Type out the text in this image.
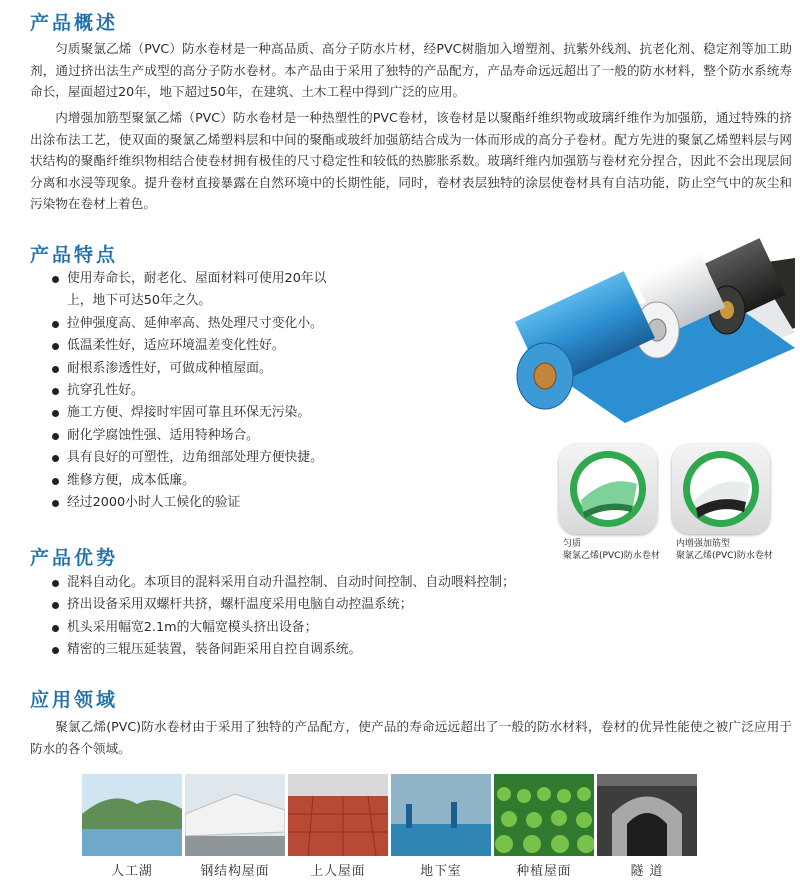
产品概述

匀质聚氯乙烯（PVC）防水卷材是一种高品质、高分子防水片材，经PVC树脂加入增塑剂、抗紫外线剂、抗老化剂、稳定剂等加工助剂，通过挤出法生产成型的高分子防水卷材。本产品由于采用了独特的产品配方，产品寿命远远超出了一般的防水材料，整个防水系统寿命长，屋面超过20年，地下超过50年，在建筑、土木工程中得到广泛的应用。

内增强加筋型聚氯乙烯（PVC）防水卷材是一种热塑性的PVC卷材，该卷材是以聚酯纤维织物或玻璃纤维作为加强筋，通过特殊的挤出涂布法工艺，使双面的聚氯乙烯塑料层和中间的聚酯或玻纤加强筋结合成为一体而形成的高分子卷材。配方先进的聚氯乙烯塑料层与网状结构的聚酯纤维织物相结合使卷材拥有极佳的尺寸稳定性和较低的热膨胀系数。玻璃纤维内加强筋与卷材充分捏合，因此不会出现层间分离和水浸等现象。提升卷材直接暴露在自然环境中的长期性能，同时，卷材表层独特的涂层使卷材具有自洁功能，防止空气中的灰尘和污染物在卷材上着色。

产品特点
使用寿命长，耐老化、屋面材料可使用20年以上，地下可达50年之久。
拉伸强度高、延伸率高、热处理尺寸变化小。
低温柔性好，适应环境温差变化性好。
耐根系渗透性好，可做成种植屋面。
抗穿孔性好。
施工方便、焊接时牢固可靠且环保无污染。
耐化学腐蚀性强、适用特种场合。
具有良好的可塑性，边角细部处理方便快捷。
维修方便，成本低廉。
经过2000小时人工候化的验证
匀质
聚氯乙烯(PVC)防水卷材
内增强加筋型
聚氯乙烯(PVC)防水卷材
产品优势
混料自动化。本项目的混料采用自动升温控制、自动时间控制、自动喂料控制；
挤出设备采用双螺杆共挤，螺杆温度采用电脑自动控温系统；
机头采用幅宽2.1m的大幅宽模头挤出设备；
精密的三辊压延装置，装备间距采用自控自调系统。
应用领域

聚氯乙烯(PVC)防水卷材由于采用了独特的产品配方，使产品的寿命远远超出了一般的防水材料，卷材的优异性能使之被广泛应用于防水的各个领域。

人工湖	钢结构屋面	上人屋面	地下室	种植屋面	隧 道
